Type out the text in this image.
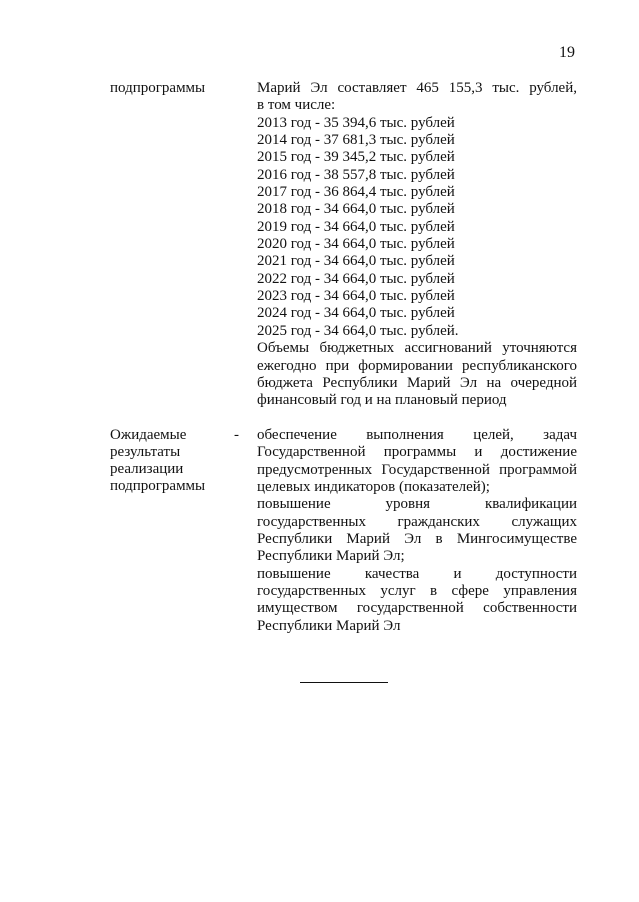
19
подпрограммы	Марий Эл составляет 465 155,3 тыс. рублей,

в том числе:

2013 год - 35 394,6 тыс. рублей

2014 год - 37 681,3 тыс. рублей

2015 год - 39 345,2 тыс. рублей

2016 год - 38 557,8 тыс. рублей

2017 год - 36 864,4 тыс. рублей

2018 год - 34 664,0 тыс. рублей

2019 год - 34 664,0 тыс. рублей

2020 год - 34 664,0 тыс. рублей

2021 год - 34 664,0 тыс. рублей

2022 год - 34 664,0 тыс. рублей

2023 год - 34 664,0 тыс. рублей

2024 год - 34 664,0 тыс. рублей

2025 год - 34 664,0 тыс. рублей.

Объемы бюджетных ассигнований уточняются

ежегодно при формировании республиканского

бюджета Республики Марий Эл на очередной

финансовый год и на плановый период

Ожидаемые
результаты
реализации
подпрограммы
- обеспечение выполнения целей, задач

Государственной программы и достижение

предусмотренных Государственной программой

целевых индикаторов (показателей);

повышение уровня квалификации

государственных гражданских служащих

Республики Марий Эл в Мингосимуществе

Республики Марий Эл;

повышение качества и доступности

государственных услуг в сфере управления

имуществом государственной собственности

Республики Марий Эл
